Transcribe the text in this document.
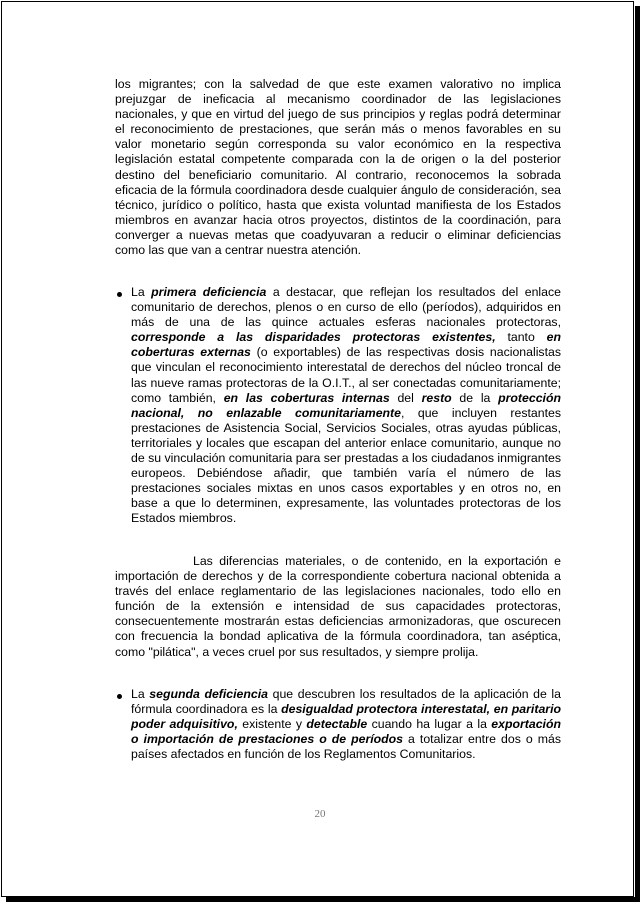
los migrantes; con la salvedad de que este examen valorativo no implica prejuzgar de ineficacia al mecanismo coordinador de las legislaciones nacionales, y que en virtud del juego de sus principios y reglas podrá determinar el reconocimiento de prestaciones, que serán más o menos favorables en su valor monetario según corresponda su valor económico en la respectiva legislación estatal competente comparada con la de origen o la del posterior destino del beneficiario comunitario. Al contrario, reconocemos la sobrada eficacia de la fórmula coordinadora desde cualquier ángulo de consideración, sea técnico, jurídico o político, hasta que exista voluntad manifiesta de los Estados miembros en avanzar hacia otros proyectos, distintos de la coordinación, para converger a nuevas metas que coadyuvaran a reducir o eliminar deficiencias como las que van a centrar nuestra atención.
La primera deficiencia a destacar, que reflejan los resultados del enlace comunitario de derechos, plenos o en curso de ello (períodos), adquiridos en más de una de las quince actuales esferas nacionales protectoras, corresponde a las disparidades protectoras existentes, tanto en coberturas externas (o exportables) de las respectivas dosis nacionalistas que vinculan el reconocimiento interestatal de derechos del núcleo troncal de las nueve ramas protectoras de la O.I.T., al ser conectadas comunitariamente; como también, en las coberturas internas del resto de la protección nacional, no enlazable comunitariamente, que incluyen restantes prestaciones de Asistencia Social, Servicios Sociales, otras ayudas públicas, territoriales y locales que escapan del anterior enlace comunitario, aunque no de su vinculación comunitaria para ser prestadas a los ciudadanos inmigrantes europeos. Debiéndose añadir, que también varía el número de las prestaciones sociales mixtas en unos casos exportables y en otros no, en base a que lo determinen, expresamente, las voluntades protectoras de los Estados miembros.
Las diferencias materiales, o de contenido, en la exportación e importación de derechos y de la correspondiente cobertura nacional obtenida a través del enlace reglamentario de las legislaciones nacionales, todo ello en función de la extensión e intensidad de sus capacidades protectoras, consecuentemente mostrarán estas deficiencias armonizadoras, que oscurecen con frecuencia la bondad aplicativa de la fórmula coordinadora, tan aséptica, como "pilática", a veces cruel por sus resultados, y siempre prolija.
La segunda deficiencia que descubren los resultados de la aplicación de la fórmula coordinadora es la desigualdad protectora interestatal, en paritario poder adquisitivo, existente y detectable cuando ha lugar a la exportación o importación de prestaciones o de períodos a totalizar entre dos o más países afectados en función de los Reglamentos Comunitarios.
20
